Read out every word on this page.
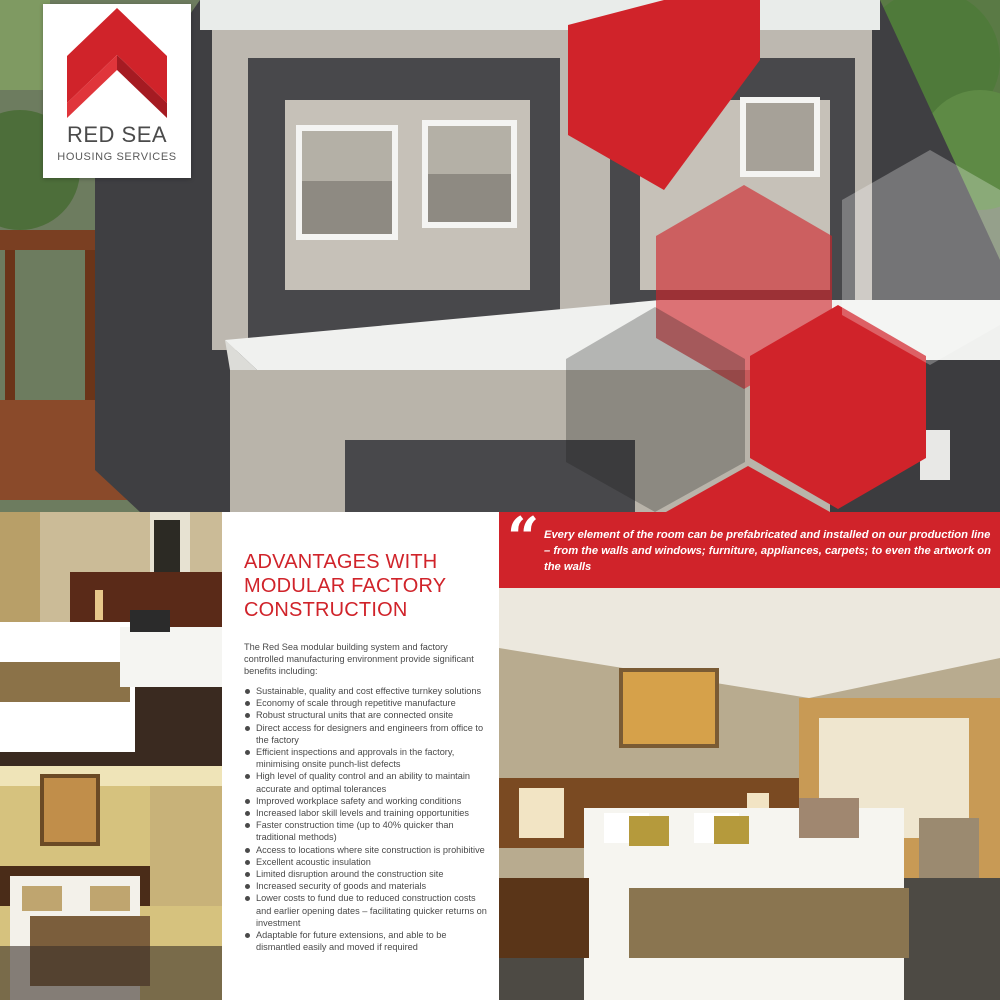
RED SEA
HOUSING SERVICES
ADVANTAGES WITH MODULAR FACTORY CONSTRUCTION

The Red Sea modular building system and factory controlled manufacturing environment provide significant benefits including:

Sustainable, quality and cost effective turnkey solutions
Economy of scale through repetitive manufacture
Robust structural units that are connected onsite
Direct access for designers and engineers from office to the factory
Efficient inspections and approvals in the factory, minimising onsite punch-list defects
High level of quality control and an ability to maintain accurate and optimal tolerances
Improved workplace safety and working conditions
Increased labor skill levels and training opportunities
Faster construction time (up to 40% quicker than traditional methods)
Access to locations where site construction is prohibitive
Excellent acoustic insulation
Limited disruption around the construction site
Increased security of goods and materials
Lower costs to fund due to reduced construction costs and earlier opening dates – facilitating quicker returns on investment
Adaptable for future extensions, and able to be dismantled easily and moved if required
“ Every element of the room can be prefabricated and installed on our production line – from the walls and windows; furniture, appliances, carpets; to even the artwork on the walls
